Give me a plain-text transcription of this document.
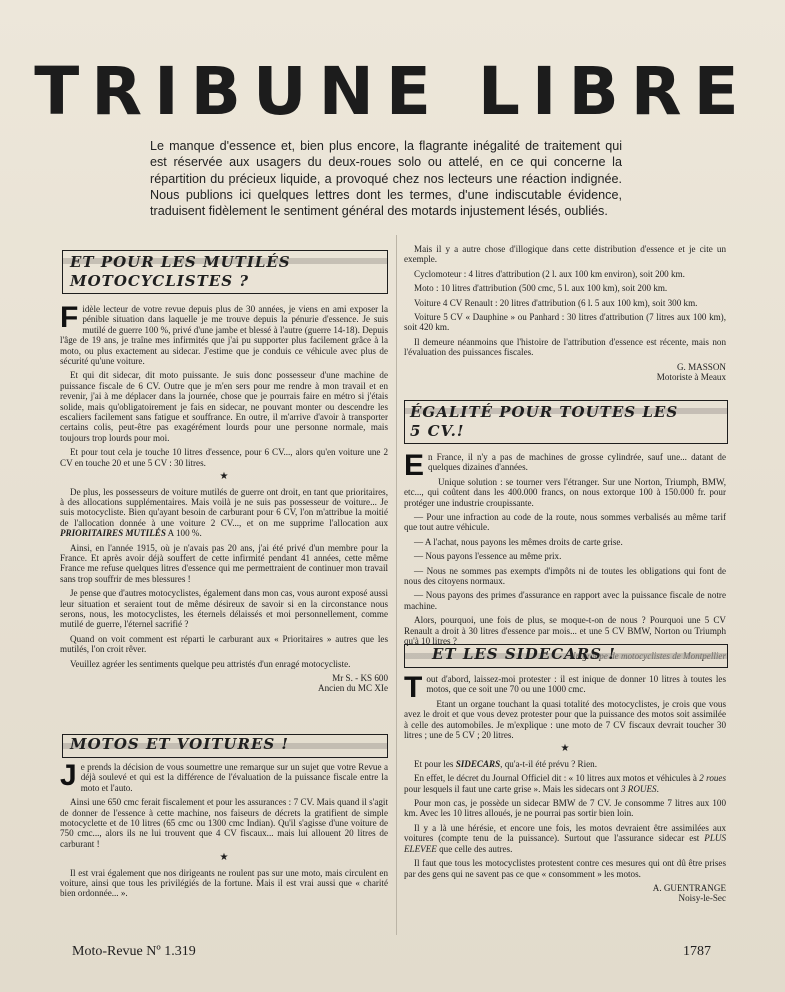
TRIBUNE LIBRE
Le manque d'essence et, bien plus encore, la flagrante inégalité de traitement qui est réservée aux usagers du deux-roues solo ou attelé, en ce qui concerne la répartition du précieux liquide, a provoqué chez nos lecteurs une réaction indignée. Nous publions ici quelques lettres dont les termes, d'une indiscutable évidence, traduisent fidèlement le sentiment général des motards injustement lésés, oubliés.
ET POUR LES MUTILÉS MOTOCYCLISTES ?

Fidèle lecteur de votre revue depuis plus de 30 années, je viens en ami exposer la pénible situation dans laquelle je me trouve depuis la pénurie d'essence. Je suis mutilé de guerre 100 %, privé d'une jambe et blessé à l'autre (guerre 14-18). Depuis l'âge de 19 ans, je traîne mes infirmités que j'ai pu supporter plus facilement grâce à la moto, ou plus exactement au sidecar. J'estime que je conduis ce véhicule avec plus de sécurité qu'une voiture.

Et qui dit sidecar, dit moto puissante. Je suis donc possesseur d'une machine de puissance fiscale de 6 CV. Outre que je m'en sers pour me rendre à mon travail et en revenir, j'ai à me déplacer dans la journée, chose que je pourrais faire en métro si j'étais solide, mais qu'obligatoirement je fais en sidecar, ne pouvant monter ou descendre les escaliers facilement sans fatigue et souffrance. En outre, il m'arrive d'avoir à transporter certains colis, peut-être pas exagérément lourds pour une personne normale, mais toujours trop lourds pour moi.

Et pour tout cela je touche 10 litres d'essence, pour 6 CV..., alors qu'en voiture une 2 CV en touche 20 et une 5 CV : 30 litres.

★

De plus, les possesseurs de voiture mutilés de guerre ont droit, en tant que prioritaires, à des allocations supplémentaires. Mais voilà je ne suis pas possesseur de voiture... Je suis motocycliste. Bien qu'ayant besoin de carburant pour 6 CV, l'on m'attribue la moitié de l'allocation donnée à une voiture 2 CV..., et on me supprime l'allocation aux PRIORITAIRES MUTILÉS A 100 %.

Ainsi, en l'année 1915, où je n'avais pas 20 ans, j'ai été privé d'un membre pour la France. Et après avoir déjà souffert de cette infirmité pendant 41 années, cette même France me refuse quelques litres d'essence qui me permettraient de continuer mon travail sans trop souffrir de mes blessures !

Je pense que d'autres motocyclistes, également dans mon cas, vous auront exposé aussi leur situation et seraient tout de même désireux de savoir si en la circonstance nous serons, nous, les motocyclistes, les éternels délaissés et moi personnellement, comme mutilé de guerre, l'éternel sacrifié ?

Quand on voit comment est réparti le carburant aux « Prioritaires » autres que les mutilés, l'on croit rêver.

Veuillez agréer les sentiments quelque peu attristés d'un enragé motocycliste.

Mr S. - KS 600

Ancien du MC XIe

MOTOS ET VOITURES !

Je prends la décision de vous soumettre une remarque sur un sujet que votre Revue a déjà soulevé et qui est la différence de l'évaluation de la puissance fiscale entre la moto et l'auto.

Ainsi une 650 cmc ferait fiscalement et pour les assurances : 7 CV. Mais quand il s'agit de donner de l'essence à cette machine, nos faiseurs de décrets la gratifient de simple motocyclette et de 10 litres (65 cmc ou 1300 cmc Indian). Qu'il s'agisse d'une voiture de 750 cmc..., alors ils ne lui trouvent que 4 CV fiscaux... mais lui allouent 20 litres de carburant !

★

Il est vrai également que nos dirigeants ne roulent pas sur une moto, mais circulent en voiture, ainsi que tous les privilégiés de la fortune. Mais il est vrai aussi que « charité bien ordonnée... ».

Mais il y a autre chose d'illogique dans cette distribution d'essence et je cite un exemple.

Cyclomoteur : 4 litres d'attribution (2 l. aux 100 km environ), soit 200 km.

Moto : 10 litres d'attribution (500 cmc, 5 l. aux 100 km), soit 200 km.

Voiture 4 CV Renault : 20 litres d'attribution (6 l. 5 aux 100 km), soit 300 km.

Voiture 5 CV « Dauphine » ou Panhard : 30 litres d'attribution (7 litres aux 100 km), soit 420 km.

Il demeure néanmoins que l'histoire de l'attribution d'essence est récente, mais non l'évaluation des puissances fiscales.

G. MASSON

Motoriste à Meaux

ÉGALITÉ POUR TOUTES LES 5 CV.!

En France, il n'y a pas de machines de grosse cylindrée, sauf une... datant de quelques dizaines d'années.

Unique solution : se tourner vers l'étranger. Sur une Norton, Triumph, BMW, etc..., qui coûtent dans les 400.000 francs, on nous extorque 100 à 150.000 fr. pour protéger une industrie croupissante.

— Pour une infraction au code de la route, nous sommes verbalisés au même tarif que tout autre véhicule.

— A l'achat, nous payons les mêmes droits de carte grise.

— Nous payons l'essence au même prix.

— Nous ne sommes pas exempts d'impôts ni de toutes les obligations qui font de nous des citoyens normaux.

— Nous payons des primes d'assurance en rapport avec la puissance fiscale de notre machine.

Alors, pourquoi, une fois de plus, se moque-t-on de nous ? Pourquoi une 5 CV Renault a droit à 30 litres d'essence par mois... et une 5 CV BMW, Norton ou Triumph qu'à 10 litres ?

ET LES SIDECARS !

Tout d'abord, laissez-moi protester : il est inique de donner 10 litres à toutes les motos, que ce soit une 70 ou une 1000 cmc.

Etant un organe touchant la quasi totalité des motocyclistes, je crois que vous avez le droit et que vous devez protester pour que la puissance des motos soit assimilée à celle des automobiles. Je m'explique : une moto de 7 CV fiscaux devrait toucher 30 litres ; une de 5 CV ; 20 litres.

★

Et pour les SIDECARS, qu'a-t-il été prévu ? Rien.

En effet, le décret du Journal Officiel dit : « 10 litres aux motos et véhicules à 2 roues pour lesquels il faut une carte grise ». Mais les sidecars ont 3 ROUES.

Pour mon cas, je possède un sidecar BMW de 7 CV. Je consomme 7 litres aux 100 km. Avec les 10 litres alloués, je ne pourrai pas sortir bien loin.

Il y a là une hérésie, et encore une fois, les motos devraient être assimilées aux voitures (compte tenu de la puissance). Surtout que l'assurance sidecar est PLUS ELEVEE que celle des autres.

Il faut que tous les motocyclistes protestent contre ces mesures qui ont dû être prises par des gens qui ne savent pas ce que « consomment » les motos.

A. GUENTRANGE

Noisy-le-Sec

Moto-Revue Nº 1.319	1787
